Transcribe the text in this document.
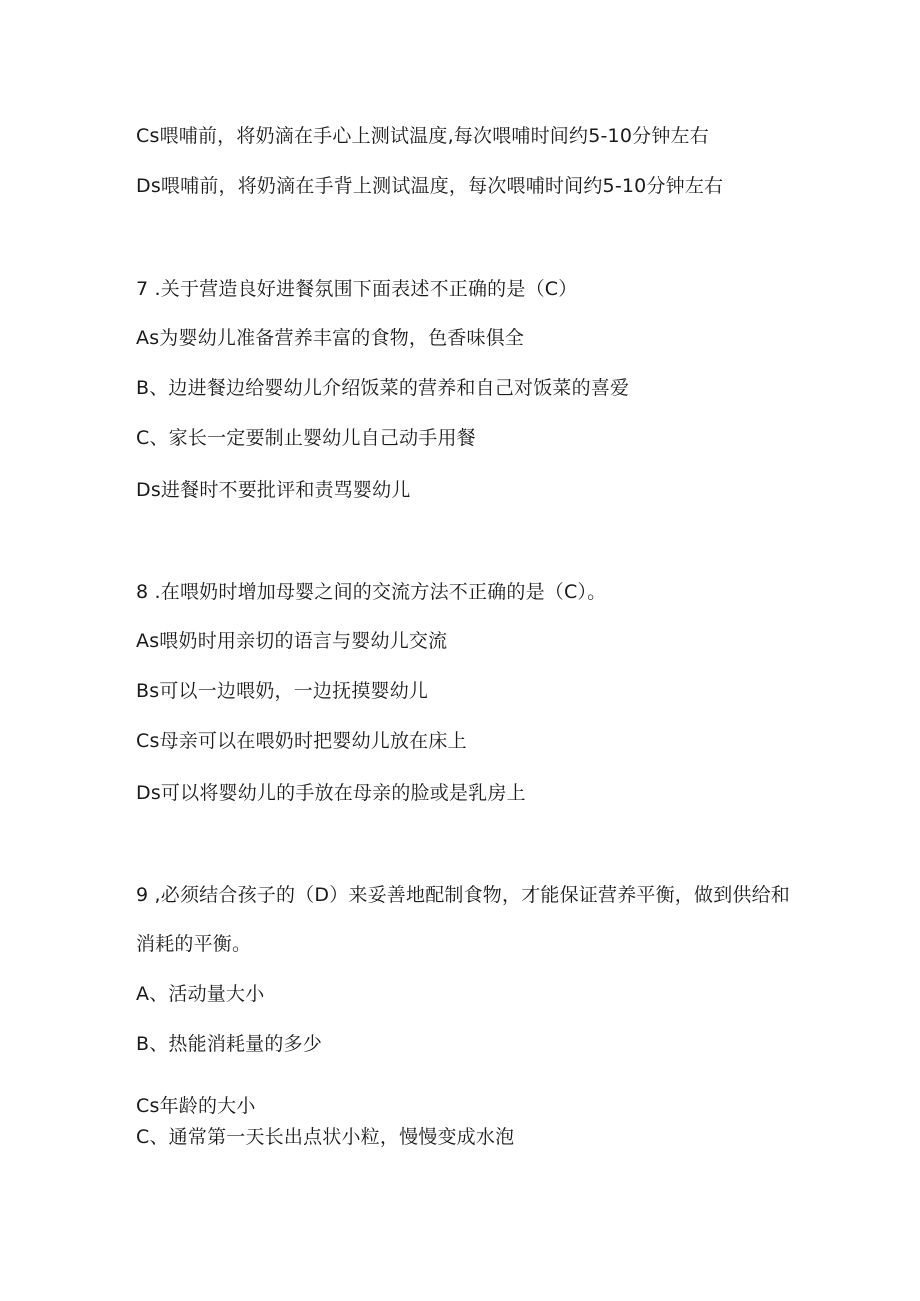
Cs喂哺前，将奶滴在手心上测试温度,每次喂哺时间约5-10分钟左右
Ds喂哺前，将奶滴在手背上测试温度，每次喂哺时间约5-10分钟左右
7 .关于营造良好进餐氛围下面表述不正确的是（C）
As为婴幼儿准备营养丰富的食物，色香味俱全
B、边进餐边给婴幼儿介绍饭菜的营养和自己对饭菜的喜爱
C、家长一定要制止婴幼儿自己动手用餐
Ds进餐时不要批评和责骂婴幼儿
8 .在喂奶时增加母婴之间的交流方法不正确的是（C）。
As喂奶时用亲切的语言与婴幼儿交流
Bs可以一边喂奶，一边抚摸婴幼儿
Cs母亲可以在喂奶时把婴幼儿放在床上
Ds可以将婴幼儿的手放在母亲的脸或是乳房上
9 ,必须结合孩子的（D）来妥善地配制食物，才能保证营养平衡，做到供给和
消耗的平衡。
A、活动量大小
B、热能消耗量的多少
Cs年龄的大小
C、通常第一天长出点状小粒，慢慢变成水泡
